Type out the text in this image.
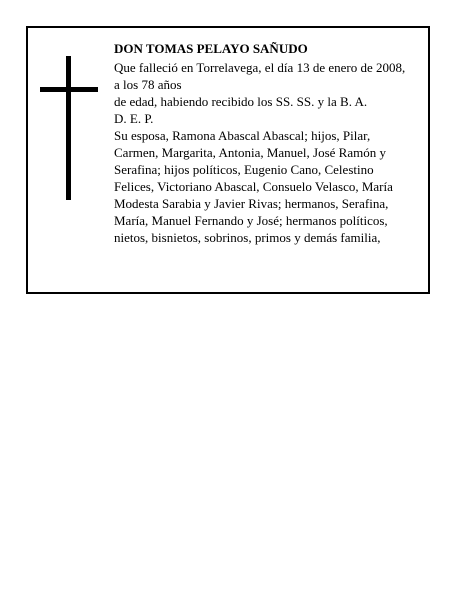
DON TOMAS PELAYO SAÑUDO
Que falleció en Torrelavega, el día 13 de enero de 2008,
a los 78 años
de edad, habiendo recibido los SS. SS. y la B. A.
D. E. P.
Su esposa, Ramona Abascal Abascal; hijos, Pilar,
Carmen, Margarita, Antonia, Manuel, José Ramón y
Serafina; hijos políticos, Eugenio Cano, Celestino
Felices, Victoriano Abascal, Consuelo Velasco, María
Modesta Sarabia y Javier Rivas; hermanos, Serafina,
María, Manuel Fernando y José; hermanos políticos,
nietos, bisnietos, sobrinos, primos y demás familia,
